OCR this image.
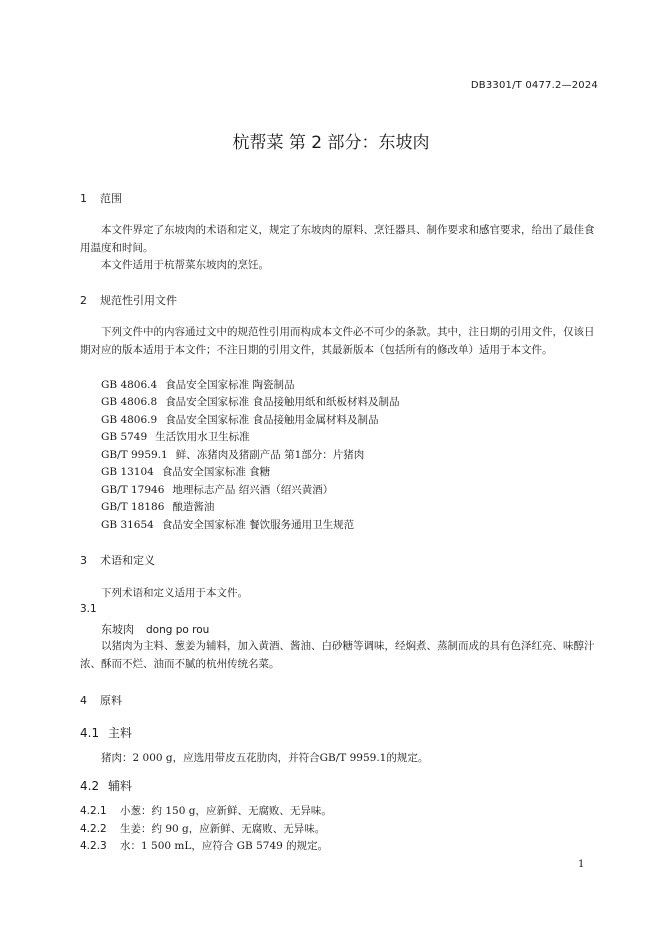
DB3301/T 0477.2—2024
杭帮菜 第 2 部分：东坡肉
1 范围
本文件界定了东坡肉的术语和定义，规定了东坡肉的原料、烹饪器具、制作要求和感官要求，给出了最佳食用温度和时间。
本文件适用于杭帮菜东坡肉的烹饪。
2 规范性引用文件
下列文件中的内容通过文中的规范性引用而构成本文件必不可少的条款。其中，注日期的引用文件，仅该日期对应的版本适用于本文件；不注日期的引用文件，其最新版本（包括所有的修改单）适用于本文件。
GB 4806.4 食品安全国家标准 陶瓷制品
GB 4806.8 食品安全国家标准 食品接触用纸和纸板材料及制品
GB 4806.9 食品安全国家标准 食品接触用金属材料及制品
GB 5749 生活饮用水卫生标准
GB/T 9959.1 鲜、冻猪肉及猪副产品 第1部分：片猪肉
GB 13104 食品安全国家标准 食糖
GB/T 17946 地理标志产品 绍兴酒（绍兴黄酒）
GB/T 18186 酿造酱油
GB 31654 食品安全国家标准 餐饮服务通用卫生规范
3 术语和定义
下列术语和定义适用于本文件。
3.1
东坡肉 dong po rou
以猪肉为主料、葱姜为辅料，加入黄酒、酱油、白砂糖等调味，经焖煮、蒸制而成的具有色泽红亮、味醇汁浓、酥而不烂、油而不腻的杭州传统名菜。
4 原料
4.1 主料
猪肉：2 000 g，应选用带皮五花肋肉，并符合GB/T 9959.1的规定。
4.2 辅料
4.2.1 小葱：约 150 g，应新鲜、无腐败、无异味。
4.2.2 生姜：约 90 g，应新鲜、无腐败、无异味。
4.2.3 水：1 500 mL，应符合 GB 5749 的规定。
1
